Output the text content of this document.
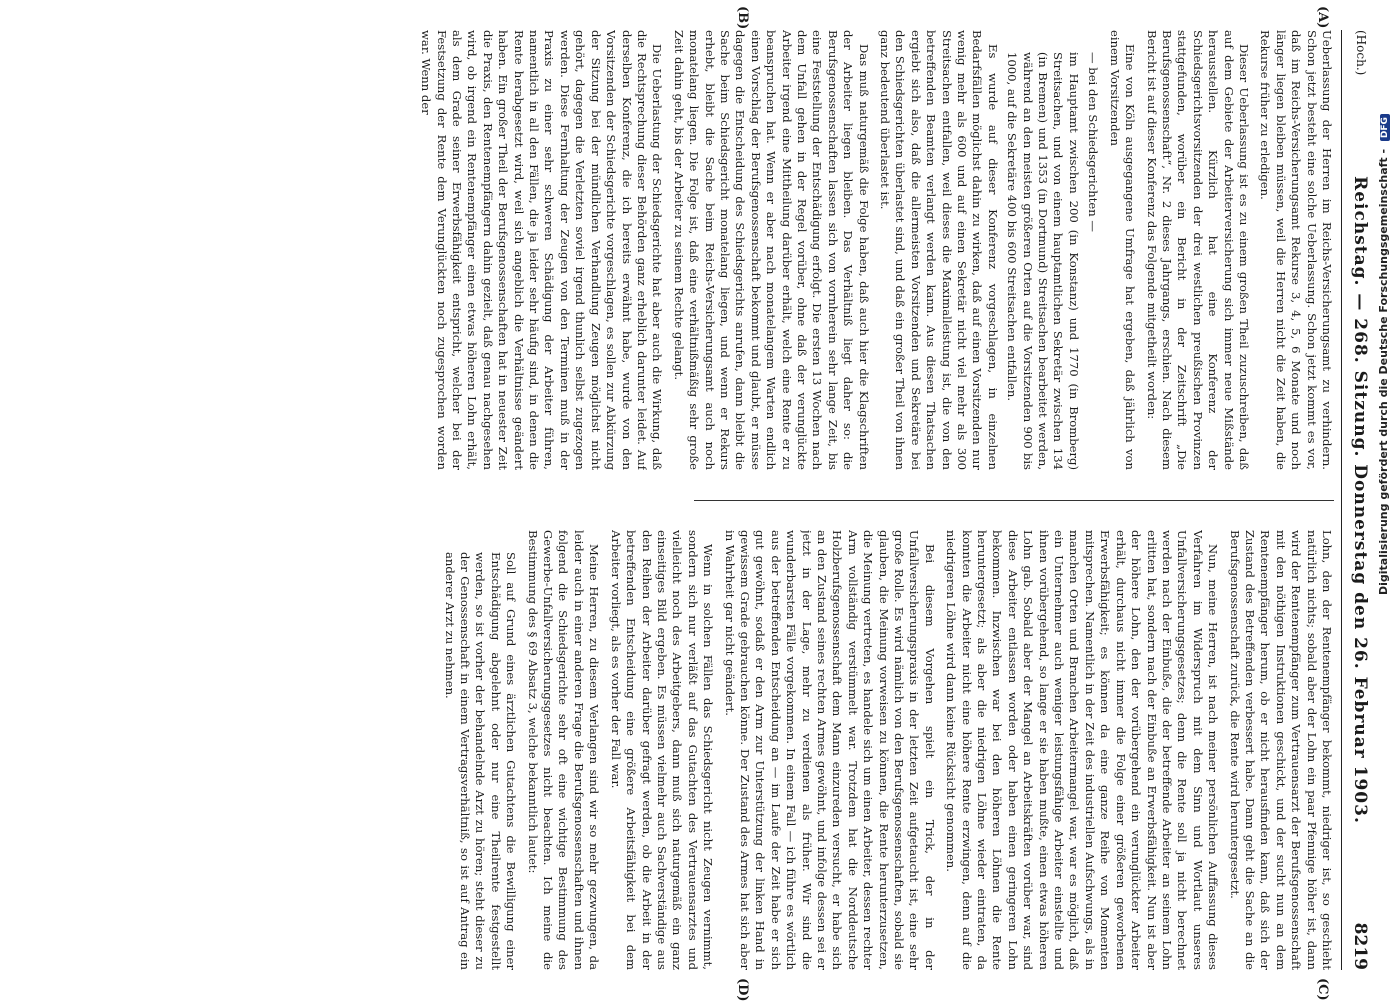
(Hoch.)
Reichstag. — 268. Sitzung. Donnerstag den 26. Februar 1903.
8219
(A)
(B)
(C)
(D)

Ueberlassung der Herren im Reichs-Versicherungsamt zu verhindern. Schon jetzt besteht eine solche Ueberlassung. Schon jetzt kommt es vor, daß im Reichs-Versicherungsamt Rekurse 3, 4, 5, 6 Monate und noch länger liegen bleiben müssen, weil die Herren nicht die Zeit haben, die Rekurse früher zu erledigen.

Dieser Ueberlassung ist es zu einem großen Theil zuzuschreiben, daß auf dem Gebiete der Arbeiterversicherung sich immer neue Mißstände herausstellen. Kürzlich hat eine Konferenz der Schiedsgerichtsvorsitzenden der drei westlichen preußischen Provinzen stattgefunden, worüber ein Bericht in der Zeitschrift „Die Berufsgenossenschaft“, Nr. 2 dieses Jahrgangs, erschien. Nach diesem Bericht ist auf dieser Konferenz das Folgende mitgetheilt worden:

Eine von Köln ausgegangene Umfrage hat ergeben, daß jährlich von einem Vorsitzenden

— bei den Schiedsgerichten —

im Hauptamt zwischen 200 (in Konstanz) und 1770 (in Bromberg) Streitsachen, und von einem hauptamtlichen Sekretär zwischen 134 (in Bremen) und 1353 (in Dortmund) Streitsachen bearbeitet werden, während an den meisten größeren Orten auf die Vorsitzenden 900 bis 1000, auf die Sekretäre 400 bis 600 Streitsachen entfallen.

Es wurde auf dieser Konferenz vorgeschlagen, in einzelnen Bedarfsfällen möglichst dahin zu wirken, daß auf einen Vorsitzenden nur wenig mehr als 600 und auf einen Sekretär nicht viel mehr als 300 Streitsachen entfallen, weil dieses die Maximalleistung ist, die von den betreffenden Beamten verlangt werden kann. Aus diesen Thatsachen ergiebt sich also, daß die allermeisten Vorsitzenden und Sekretäre bei den Schiedsgerichten überlastet sind, und daß ein großer Theil von ihnen ganz bedeutend überlastet ist.

Das muß naturgemäß die Folge haben, daß auch hier die Klagschriften der Arbeiter liegen bleiben. Das Verhältniß liegt daher so: die Berufsgenossenschaften lassen sich von vornherein sehr lange Zeit, bis eine Feststellung der Entschädigung erfolgt. Die ersten 13 Wochen nach dem Unfall gehen in der Regel vorüber, ohne daß der verunglückte Arbeiter irgend eine Mittheilung darüber erhält, welch eine Rente er zu beanspruchen hat. Wenn er aber nach monatelangem Warten endlich einen Vorschlag der Berufsgenossenschaft bekommt und glaubt, er müsse dagegen die Entscheidung des Schiedsgerichts anrufen, dann bleibt die Sache beim Schiedsgericht monatelang liegen, und wenn er Rekurs erhebt, bleibt die Sache beim Reichs-Versicherungsamt auch noch monatelang liegen. Die Folge ist, daß eine verhältnißmäßig sehr große Zeit dahin geht, bis der Arbeiter zu seinem Rechte gelangt.

Die Ueberlastung der Schiedsgerichte hat aber auch die Wirkung, daß die Rechtsprechung dieser Behörden ganz erheblich darunter leidet. Auf derselben Konferenz, die ich bereits erwähnt habe, wurde von den Vorsitzenden der Schiedsgerichte vorgeschlagen, es sollen zur Abkürzung der Sitzung bei der mündlichen Verhandlung Zeugen möglichst nicht gehört, dagegen die Verletzten soviel irgend thunlich selbst zugezogen werden. Diese Fernhaltung der Zeugen von den Terminen muß in der Praxis zu einer sehr schweren Schädigung der Arbeiter führen, namentlich in all den Fällen, die ja leider sehr häufig sind, in denen die Rente herabgesetzt wird, weil sich angeblich die Verhältnisse geändert haben. Ein großer Theil der Berufsgenossenschaften hat in neuester Zeit die Praxis, den Rentenempfängern dahin gezielt, daß genau nachgesehen wird, ob irgend ein Rentenempfänger einen etwas höheren Lohn erhält, als dem Grade seiner Erwerbsfähigkeit entspricht, welcher bei der Festsetzung der Rente dem Verunglückten noch zugesprochen worden war. Wenn der

Lohn, den der Rentenempfänger bekommt, niedriger ist, so geschieht natürlich nichts; sobald aber der Lohn ein paar Pfennige höher ist, dann wird der Rentenempfänger zum Vertrauensarzt der Berufsgenossenschaft mit den nöthigen Instruktionen geschickt, und der sucht nun an dem Rentenempfänger herum, ob er nicht herausfinden kann, daß sich der Zustand des Betreffenden verbessert habe. Dann geht die Sache an die Berufsgenossenschaft zurück, die Rente wird heruntergesetzt.

Nun, meine Herren, ist nach meiner persönlichen Auffassung dieses Verfahren im Widerspruch mit dem Sinn und Wortlaut unseres Unfallversicherungsgesetzes; denn die Rente soll ja nicht berechnet werden nach der Einbuße, die der betreffende Arbeiter an seinem Lohn erlitten hat, sondern nach der Einbuße an Erwerbsfähigkeit. Nun ist aber der höhere Lohn, den der vorübergehend ein verunglückter Arbeiter erhält, durchaus nicht immer die Folge einer größeren geworbenen Erwerbsfähigkeit; es können da eine ganze Reihe von Momenten mitsprechen. Namentlich in der Zeit des industriellen Aufschwungs, als in manchen Orten und Branchen Arbeitermangel war, war es möglich, daß ein Unternehmer auch weniger leistungsfähige Arbeiter einstellte und ihnen vorübergehend, so lange er sie haben mußte, einen etwas höheren Lohn gab. Sobald aber der Mangel an Arbeitskräften vorüber war, sind diese Arbeiter entlassen worden oder haben einen geringeren Lohn bekommen. Inzwischen war bei den höheren Löhnen die Rente heruntergesetzt; als aber die niedrigen Löhne wieder eintraten, da konnten die Arbeiter nicht eine höhere Rente erzwingen, denn auf die niedrigeren Löhne wird dann keine Rücksicht genommen.

Bei diesem Vorgehen spielt ein Trick, der in der Unfallversicherungspraxis in der letzten Zeit aufgetaucht ist, eine sehr große Rolle. Es wird nämlich von den Berufsgenossenschaften, sobald sie glauben, die Meinung vorweisen zu können, die Rente herunterzusetzen, die Meinung vertreten, es handele sich um einen Arbeiter, dessen rechter Arm vollständig verstümmelt war. Trotzdem hat die Norddeutsche Holzberufsgenossenschaft dem Mann einzureden versucht, er habe sich an den Zustand seines rechten Armes gewöhnt, und infolge dessen sei er jetzt in der Lage, mehr zu verdienen als früher. Wir sind die wunderbarsten Fälle vorgekommen. In einem Fall — ich führe es wörtlich aus der betreffenden Entscheidung an — im Laufe der Zeit habe er sich gut gewöhnt, sodaß er den Arm zur Unterstützung der linken Hand in gewissem Grade gebrauchen könne. Der Zustand des Armes hat sich aber in Wahrheit gar nicht geändert.

Wenn in solchen Fällen das Schiedsgericht nicht Zeugen vernimmt, sondern sich nur verläßt auf das Gutachten des Vertrauensarztes und vielleicht noch des Arbeitgebers, dann muß sich naturgemäß ein ganz einseitiges Bild ergeben. Es müssen vielmehr auch Sachverständige aus den Reihen der Arbeiter darüber gefragt werden, ob die Arbeit in der betreffenden Entscheidung eine größere Arbeitsfähigkeit bei dem Arbeiter vorliegt, als es vorher der Fall war.

Meine Herren, zu diesem Verlangen sind wir so mehr gezwungen, da leider auch in einer anderen Frage die Berufsgenossenschaften und ihnen folgend die Schiedsgerichte sehr oft eine wichtige Bestimmung des Gewerbe-Unfallversicherungsgesetzes nicht beachten. Ich meine die Bestimmung des § 69 Absatz 3, welche bekanntlich lautet:

Soll auf Grund eines ärztlichen Gutachtens die Bewilligung einer Entschädigung abgelehnt oder nur eine Theilrente festgestellt werden, so ist vorher der behandelnde Arzt zu hören; steht dieser zu der Genossenschaft in einem Vertragsverhältniß, so ist auf Antrag ein anderer Arzt zu nehmen.

Digitalisierung gefördert durch die Deutsche Forschungsgemeinschaft - DFG
